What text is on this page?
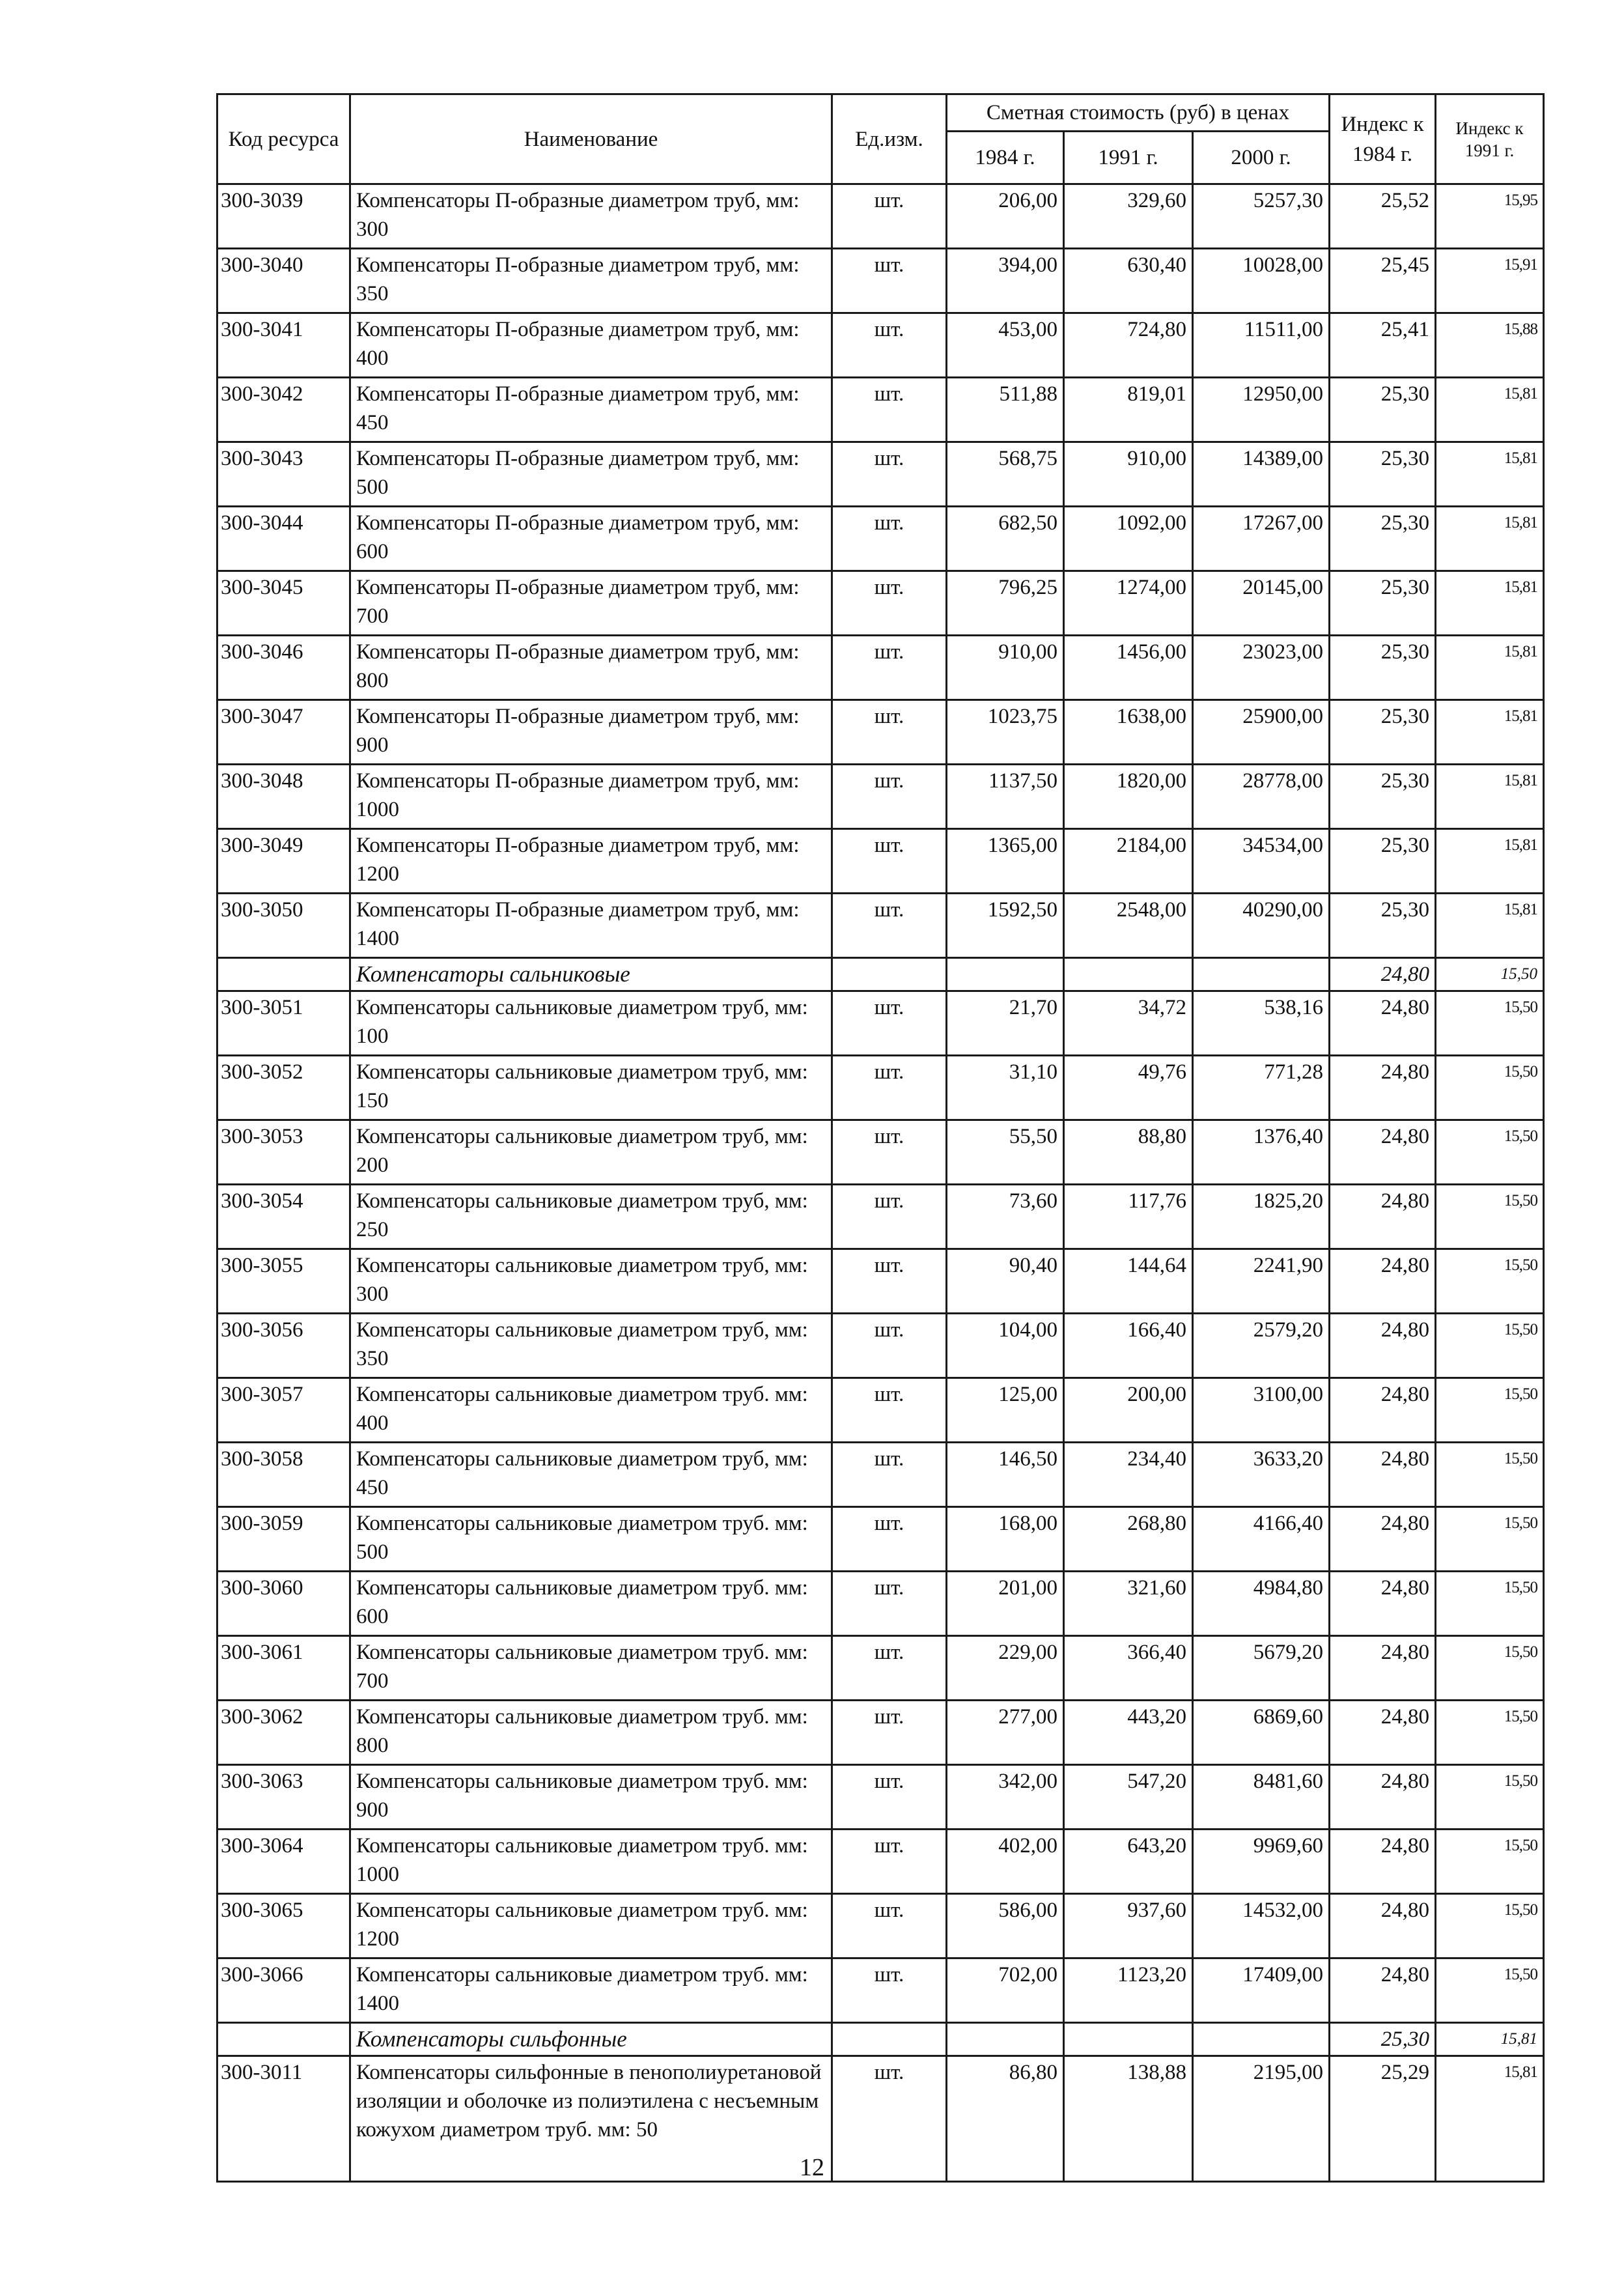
Код ресурса	Наименование	Ед.изм.	Сметная стоимость (руб) в ценах			Индекс к 1984 г.	Индекс к 1991 г.
			1984 г.	1991 г.	2000 г.		
300-3039	Компенсаторы П-образные диаметром труб, мм: 300	шт.	206,00	329,60	5257,30	25,52	15,95
300-3040	Компенсаторы П-образные диаметром труб, мм: 350	шт.	394,00	630,40	10028,00	25,45	15,91
300-3041	Компенсаторы П-образные диаметром труб, мм: 400	шт.	453,00	724,80	11511,00	25,41	15,88
300-3042	Компенсаторы П-образные диаметром труб, мм: 450	шт.	511,88	819,01	12950,00	25,30	15,81
300-3043	Компенсаторы П-образные диаметром труб, мм: 500	шт.	568,75	910,00	14389,00	25,30	15,81
300-3044	Компенсаторы П-образные диаметром труб, мм: 600	шт.	682,50	1092,00	17267,00	25,30	15,81
300-3045	Компенсаторы П-образные диаметром труб, мм: 700	шт.	796,25	1274,00	20145,00	25,30	15,81
300-3046	Компенсаторы П-образные диаметром труб, мм: 800	шт.	910,00	1456,00	23023,00	25,30	15,81
300-3047	Компенсаторы П-образные диаметром труб, мм: 900	шт.	1023,75	1638,00	25900,00	25,30	15,81
300-3048	Компенсаторы П-образные диаметром труб, мм: 1000	шт.	1137,50	1820,00	28778,00	25,30	15,81
300-3049	Компенсаторы П-образные диаметром труб, мм: 1200	шт.	1365,00	2184,00	34534,00	25,30	15,81
300-3050	Компенсаторы П-образные диаметром труб, мм: 1400	шт.	1592,50	2548,00	40290,00	25,30	15,81
	Компенсаторы сальниковые					24,80	15,50
300-3051	Компенсаторы сальниковые диаметром труб, мм: 100	шт.	21,70	34,72	538,16	24,80	15,50
300-3052	Компенсаторы сальниковые диаметром труб, мм: 150	шт.	31,10	49,76	771,28	24,80	15,50
300-3053	Компенсаторы сальниковые диаметром труб, мм: 200	шт.	55,50	88,80	1376,40	24,80	15,50
300-3054	Компенсаторы сальниковые диаметром труб, мм: 250	шт.	73,60	117,76	1825,20	24,80	15,50
300-3055	Компенсаторы сальниковые диаметром труб, мм: 300	шт.	90,40	144,64	2241,90	24,80	15,50
300-3056	Компенсаторы сальниковые диаметром труб, мм: 350	шт.	104,00	166,40	2579,20	24,80	15,50
300-3057	Компенсаторы сальниковые диаметром труб. мм: 400	шт.	125,00	200,00	3100,00	24,80	15,50
300-3058	Компенсаторы сальниковые диаметром труб, мм: 450	шт.	146,50	234,40	3633,20	24,80	15,50
300-3059	Компенсаторы сальниковые диаметром труб. мм: 500	шт.	168,00	268,80	4166,40	24,80	15,50
300-3060	Компенсаторы сальниковые диаметром труб. мм: 600	шт.	201,00	321,60	4984,80	24,80	15,50
300-3061	Компенсаторы сальниковые диаметром труб. мм: 700	шт.	229,00	366,40	5679,20	24,80	15,50
300-3062	Компенсаторы сальниковые диаметром труб. мм: 800	шт.	277,00	443,20	6869,60	24,80	15,50
300-3063	Компенсаторы сальниковые диаметром труб. мм: 900	шт.	342,00	547,20	8481,60	24,80	15,50
300-3064	Компенсаторы сальниковые диаметром труб. мм: 1000	шт.	402,00	643,20	9969,60	24,80	15,50
300-3065	Компенсаторы сальниковые диаметром труб. мм: 1200	шт.	586,00	937,60	14532,00	24,80	15,50
300-3066	Компенсаторы сальниковые диаметром труб. мм: 1400	шт.	702,00	1123,20	17409,00	24,80	15,50
	Компенсаторы сильфонные					25,30	15,81
300-3011	Компенсаторы сильфонные в пенополиуретановой изоляции и оболочке из полиэтилена с несъемным кожухом диаметром труб. мм: 50	шт.	86,80	138,88	2195,00	25,29	15,81
12
